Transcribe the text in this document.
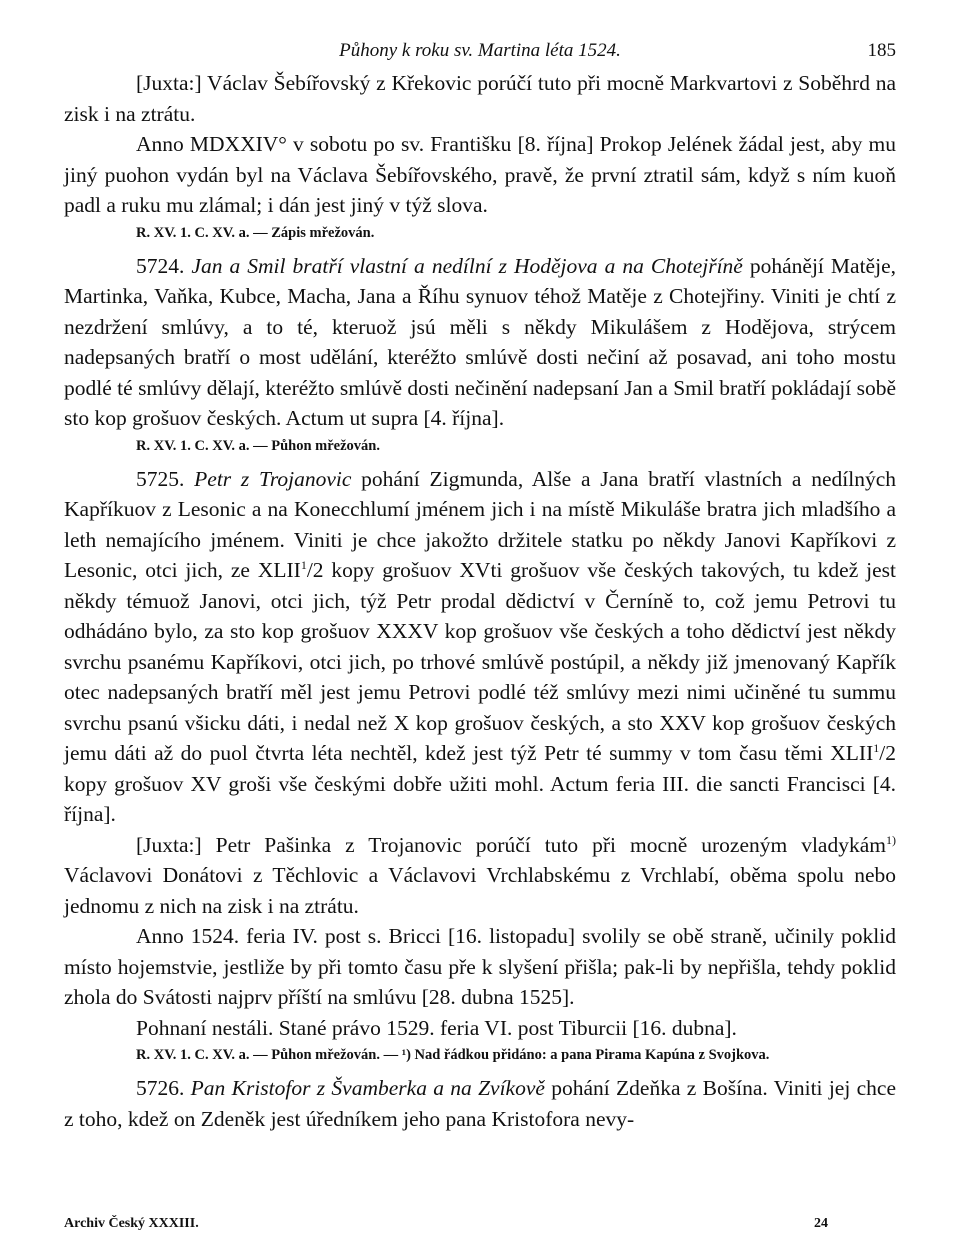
Půhony k roku sv. Martina léta 1524.	185

[Juxta:] Václav Šebířovský z Křekovic porúčí tuto při mocně Markvartovi z Soběhrd na zisk i na ztrátu.

Anno MDXXIV° v sobotu po sv. Františku [8. října] Prokop Jelének žádal jest, aby mu jiný puohon vydán byl na Václava Šebířovského, pravě, že první ztratil sám, když s ním kuoň padl a ruku mu zlámal; i dán jest jiný v týž slova.

R. XV. 1. C. XV. a. — Zápis mřežován.

5724. Jan a Smil bratří vlastní a nedílní z Hodějova a na Chotejříně pohánějí Matěje, Martinka, Vaňka, Kubce, Macha, Jana a Říhu synuov téhož Matěje z Chotejřiny. Viniti je chtí z nezdržení smlúvy, a to té, kteruož jsú měli s někdy Mikulášem z Hodějova, strýcem nadepsaných bratří o most udělání, kteréžto smlúvě dosti nečiní až posavad, ani toho mostu podlé té smlúvy dělají, kteréžto smlúvě dosti nečinění nadepsaní Jan a Smil bratří pokládají sobě sto kop grošuov českých. Actum ut supra [4. října].

R. XV. 1. C. XV. a. — Půhon mřežován.

5725. Petr z Trojanovic pohání Zigmunda, Alše a Jana bratří vlastních a nedílných Kapříkuov z Lesonic a na Konecchlumí jménem jich i na místě Mikuláše bratra jich mladšího a leth nemajícího jménem. Viniti je chce jakožto držitele statku po někdy Janovi Kapříkovi z Lesonic, otci jich, ze XLII$^1$/2 kopy grošuov XVti grošuov vše českých takových, tu kdež jest někdy témuož Janovi, otci jich, týž Petr prodal dědictví v Černíně to, což jemu Petrovi tu odhádáno bylo, za sto kop grošuov XXXV kop grošuov vše českých a toho dědictví jest někdy svrchu psanému Kapříkovi, otci jich, po trhové smlúvě postúpil, a někdy již jmenovaný Kapřík otec nadepsaných bratří měl jest jemu Petrovi podlé též smlúvy mezi nimi učiněné tu summu svrchu psanú všicku dáti, i nedal než X kop grošuov českých, a sto XXV kop grošuov českých jemu dáti až do puol čtvrta léta nechtěl, kdež jest týž Petr té summy v tom času těmi XLII$^1$/2 kopy grošuov XV groši vše českými dobře užiti mohl. Actum feria III. die sancti Francisci [4. října].

[Juxta:] Petr Pašinka z Trojanovic porúčí tuto při mocně urozeným vladykám$^{1)}$ Václavovi Donátovi z Těchlovic a Václavovi Vrchlabskému z Vrchlabí, oběma spolu nebo jednomu z nich na zisk i na ztrátu.

Anno 1524. feria IV. post s. Bricci [16. listopadu] svolily se obě straně, učinily poklid místo hojemstvie, jestliže by při tomto času pře k slyšení přišla; pak-li by nepřišla, tehdy poklid zhola do Svátosti najprv příští na smlúvu [28. dubna 1525].

Pohnaní nestáli. Stané právo 1529. feria VI. post Tiburcii [16. dubna].

R. XV. 1. C. XV. a. — Půhon mřežován. — ¹) Nad řádkou přidáno: a pana Pirama Kapúna z Svojkova.

5726. Pan Kristofor z Švamberka a na Zvíkově pohání Zdeňka z Bošína. Viniti jej chce z toho, kdež on Zdeněk jest úředníkem jeho pana Kristofora nevy-

Archiv Český XXXIII.	24
